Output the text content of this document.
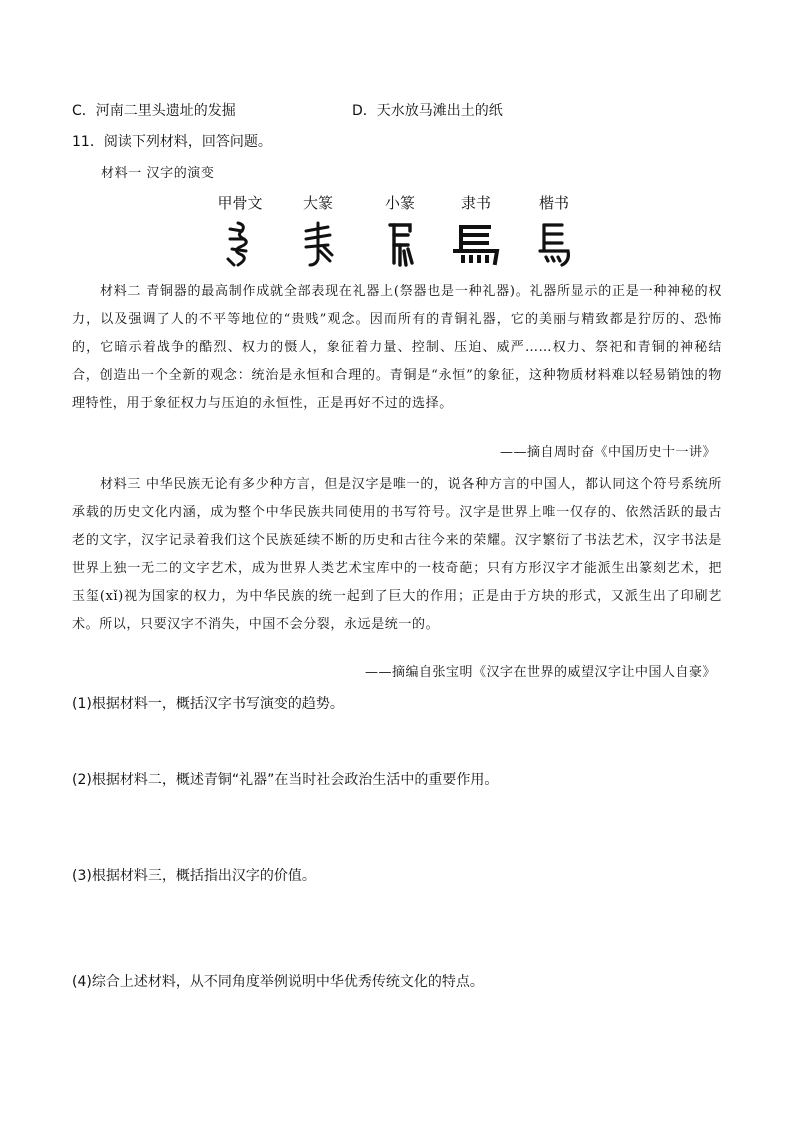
C．河南二里头遗址的发掘	D．天水放马滩出土的纸
11．阅读下列材料，回答问题。
材料一 汉字的演变
甲骨文	大篆	小篆	隶书	楷书
材料二 青铜器的最高制作成就全部表现在礼器上(祭器也是一种礼器)。礼器所显示的正是一种神秘的权力，以及强调了人的不平等地位的“贵贱”观念。因而所有的青铜礼器，它的美丽与精致都是狞厉的、恐怖的，它暗示着战争的酷烈、权力的慑人，象征着力量、控制、压迫、威严……权力、祭祀和青铜的神秘结合，创造出一个全新的观念：统治是永恒和合理的。青铜是“永恒”的象征，这种物质材料难以轻易销蚀的物理特性，用于象征权力与压迫的永恒性，正是再好不过的选择。
——摘自周时奋《中国历史十一讲》
材料三 中华民族无论有多少种方言，但是汉字是唯一的，说各种方言的中国人，都认同这个符号系统所承载的历史文化内涵，成为整个中华民族共同使用的书写符号。汉字是世界上唯一仅存的、依然活跃的最古老的文字，汉字记录着我们这个民族延续不断的历史和古往今来的荣耀。汉字繁衍了书法艺术，汉字书法是世界上独一无二的文字艺术，成为世界人类艺术宝库中的一枝奇葩；只有方形汉字才能派生出篆刻艺术，把玉玺(xǐ)视为国家的权力，为中华民族的统一起到了巨大的作用；正是由于方块的形式，又派生出了印刷艺术。所以，只要汉字不消失，中国不会分裂，永远是统一的。
——摘编自张宝明《汉字在世界的威望汉字让中国人自豪》
(1)根据材料一，概括汉字书写演变的趋势。
(2)根据材料二，概述青铜“礼器”在当时社会政治生活中的重要作用。
(3)根据材料三，概括指出汉字的价值。
(4)综合上述材料，从不同角度举例说明中华优秀传统文化的特点。
